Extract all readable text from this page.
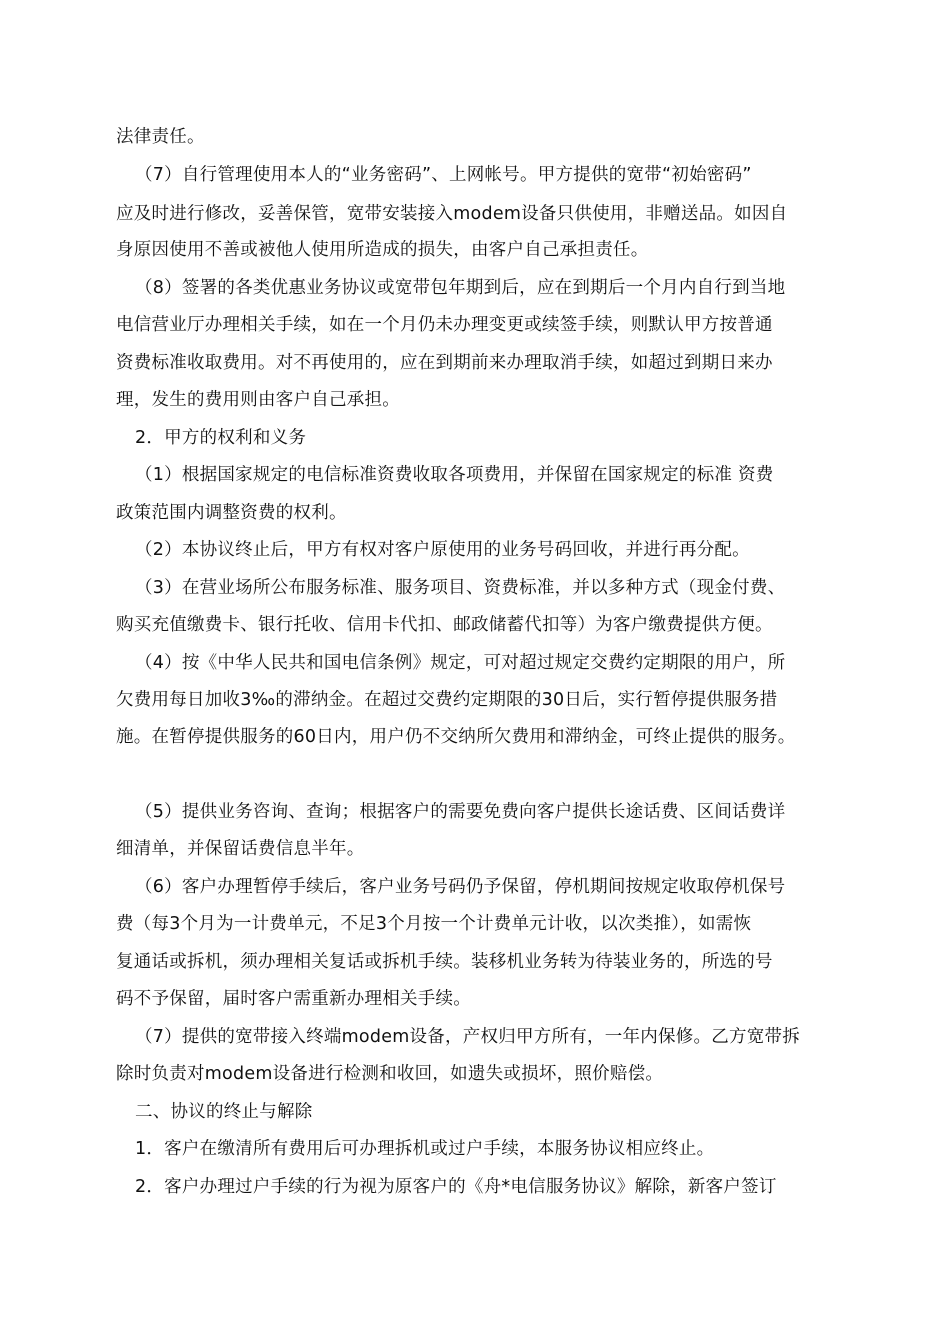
法律责任。
（7）自行管理使用本人的“业务密码”、上网帐号。甲方提供的宽带“初始密码”
应及时进行修改，妥善保管，宽带安装接入modem设备只供使用，非赠送品。如因自
身原因使用不善或被他人使用所造成的损失，由客户自己承担责任。
（8）签署的各类优惠业务协议或宽带包年期到后，应在到期后一个月内自行到当地
电信营业厅办理相关手续，如在一个月仍未办理变更或续签手续，则默认甲方按普通
资费标准收取费用。对不再使用的，应在到期前来办理取消手续，如超过到期日来办
理，发生的费用则由客户自己承担。
2．甲方的权利和义务
（1）根据国家规定的电信标准资费收取各项费用，并保留在国家规定的标准 资费
政策范围内调整资费的权利。
（2）本协议终止后，甲方有权对客户原使用的业务号码回收，并进行再分配。
（3）在营业场所公布服务标准、服务项目、资费标准，并以多种方式（现金付费、
购买充值缴费卡、银行托收、信用卡代扣、邮政储蓄代扣等）为客户缴费提供方便。
（4）按《中华人民共和国电信条例》规定，可对超过规定交费约定期限的用户，所
欠费用每日加收3‰的滞纳金。在超过交费约定期限的30日后，实行暂停提供服务措
施。在暂停提供服务的60日内，用户仍不交纳所欠费用和滞纳金，可终止提供的服务。
（5）提供业务咨询、查询；根据客户的需要免费向客户提供长途话费、区间话费详
细清单，并保留话费信息半年。
（6）客户办理暂停手续后，客户业务号码仍予保留，停机期间按规定收取停机保号
费（每3个月为一计费单元，不足3个月按一个计费单元计收，以次类推），如需恢
复通话或拆机，须办理相关复话或拆机手续。装移机业务转为待装业务的，所选的号
码不予保留，届时客户需重新办理相关手续。
（7）提供的宽带接入终端modem设备，产权归甲方所有，一年内保修。乙方宽带拆
除时负责对modem设备进行检测和收回，如遗失或损坏，照价赔偿。
二、协议的终止与解除
1．客户在缴清所有费用后可办理拆机或过户手续，本服务协议相应终止。
2．客户办理过户手续的行为视为原客户的《舟*电信服务协议》解除，新客户签订
